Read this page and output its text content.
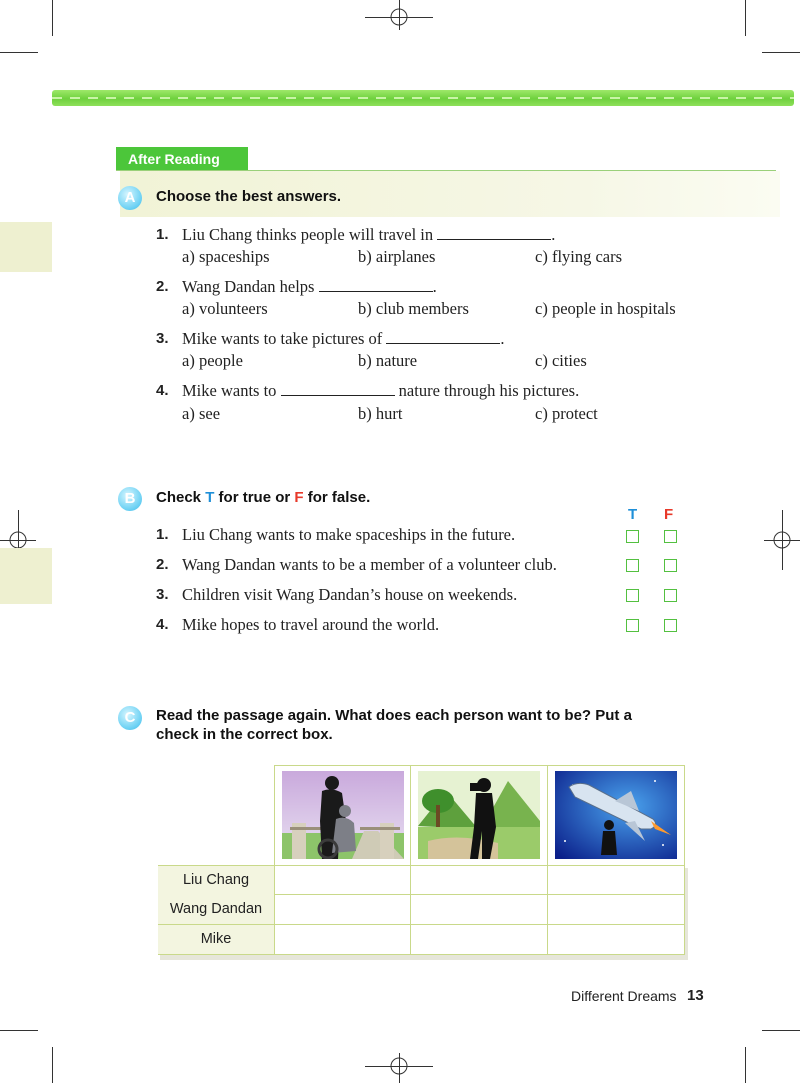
After Reading
A	Choose the best answers.
1. Liu Chang thinks people will travel in	.
a) spaceships	b) airplanes	c) flying cars
2. Wang Dandan helps	.
a) volunteers	b) club members	c) people in hospitals
3. Mike wants to take pictures of	.
a) people	b) nature	c) cities
4. Mike wants to	nature through his pictures.
a) see	b) hurt	c) protect
B	Check T for true or F for false.
T F
1. Liu Chang wants to make spaceships in the future.
2. Wang Dandan wants to be a member of a volunteer club.
3. Children visit Wang Dandan’s house on weekends.
4. Mike hopes to travel around the world.
C	Read the passage again. What does each person want to be? Put a
check in the correct box.
Liu Chang
Wang Dandan
Mike
Different Dreams 13
